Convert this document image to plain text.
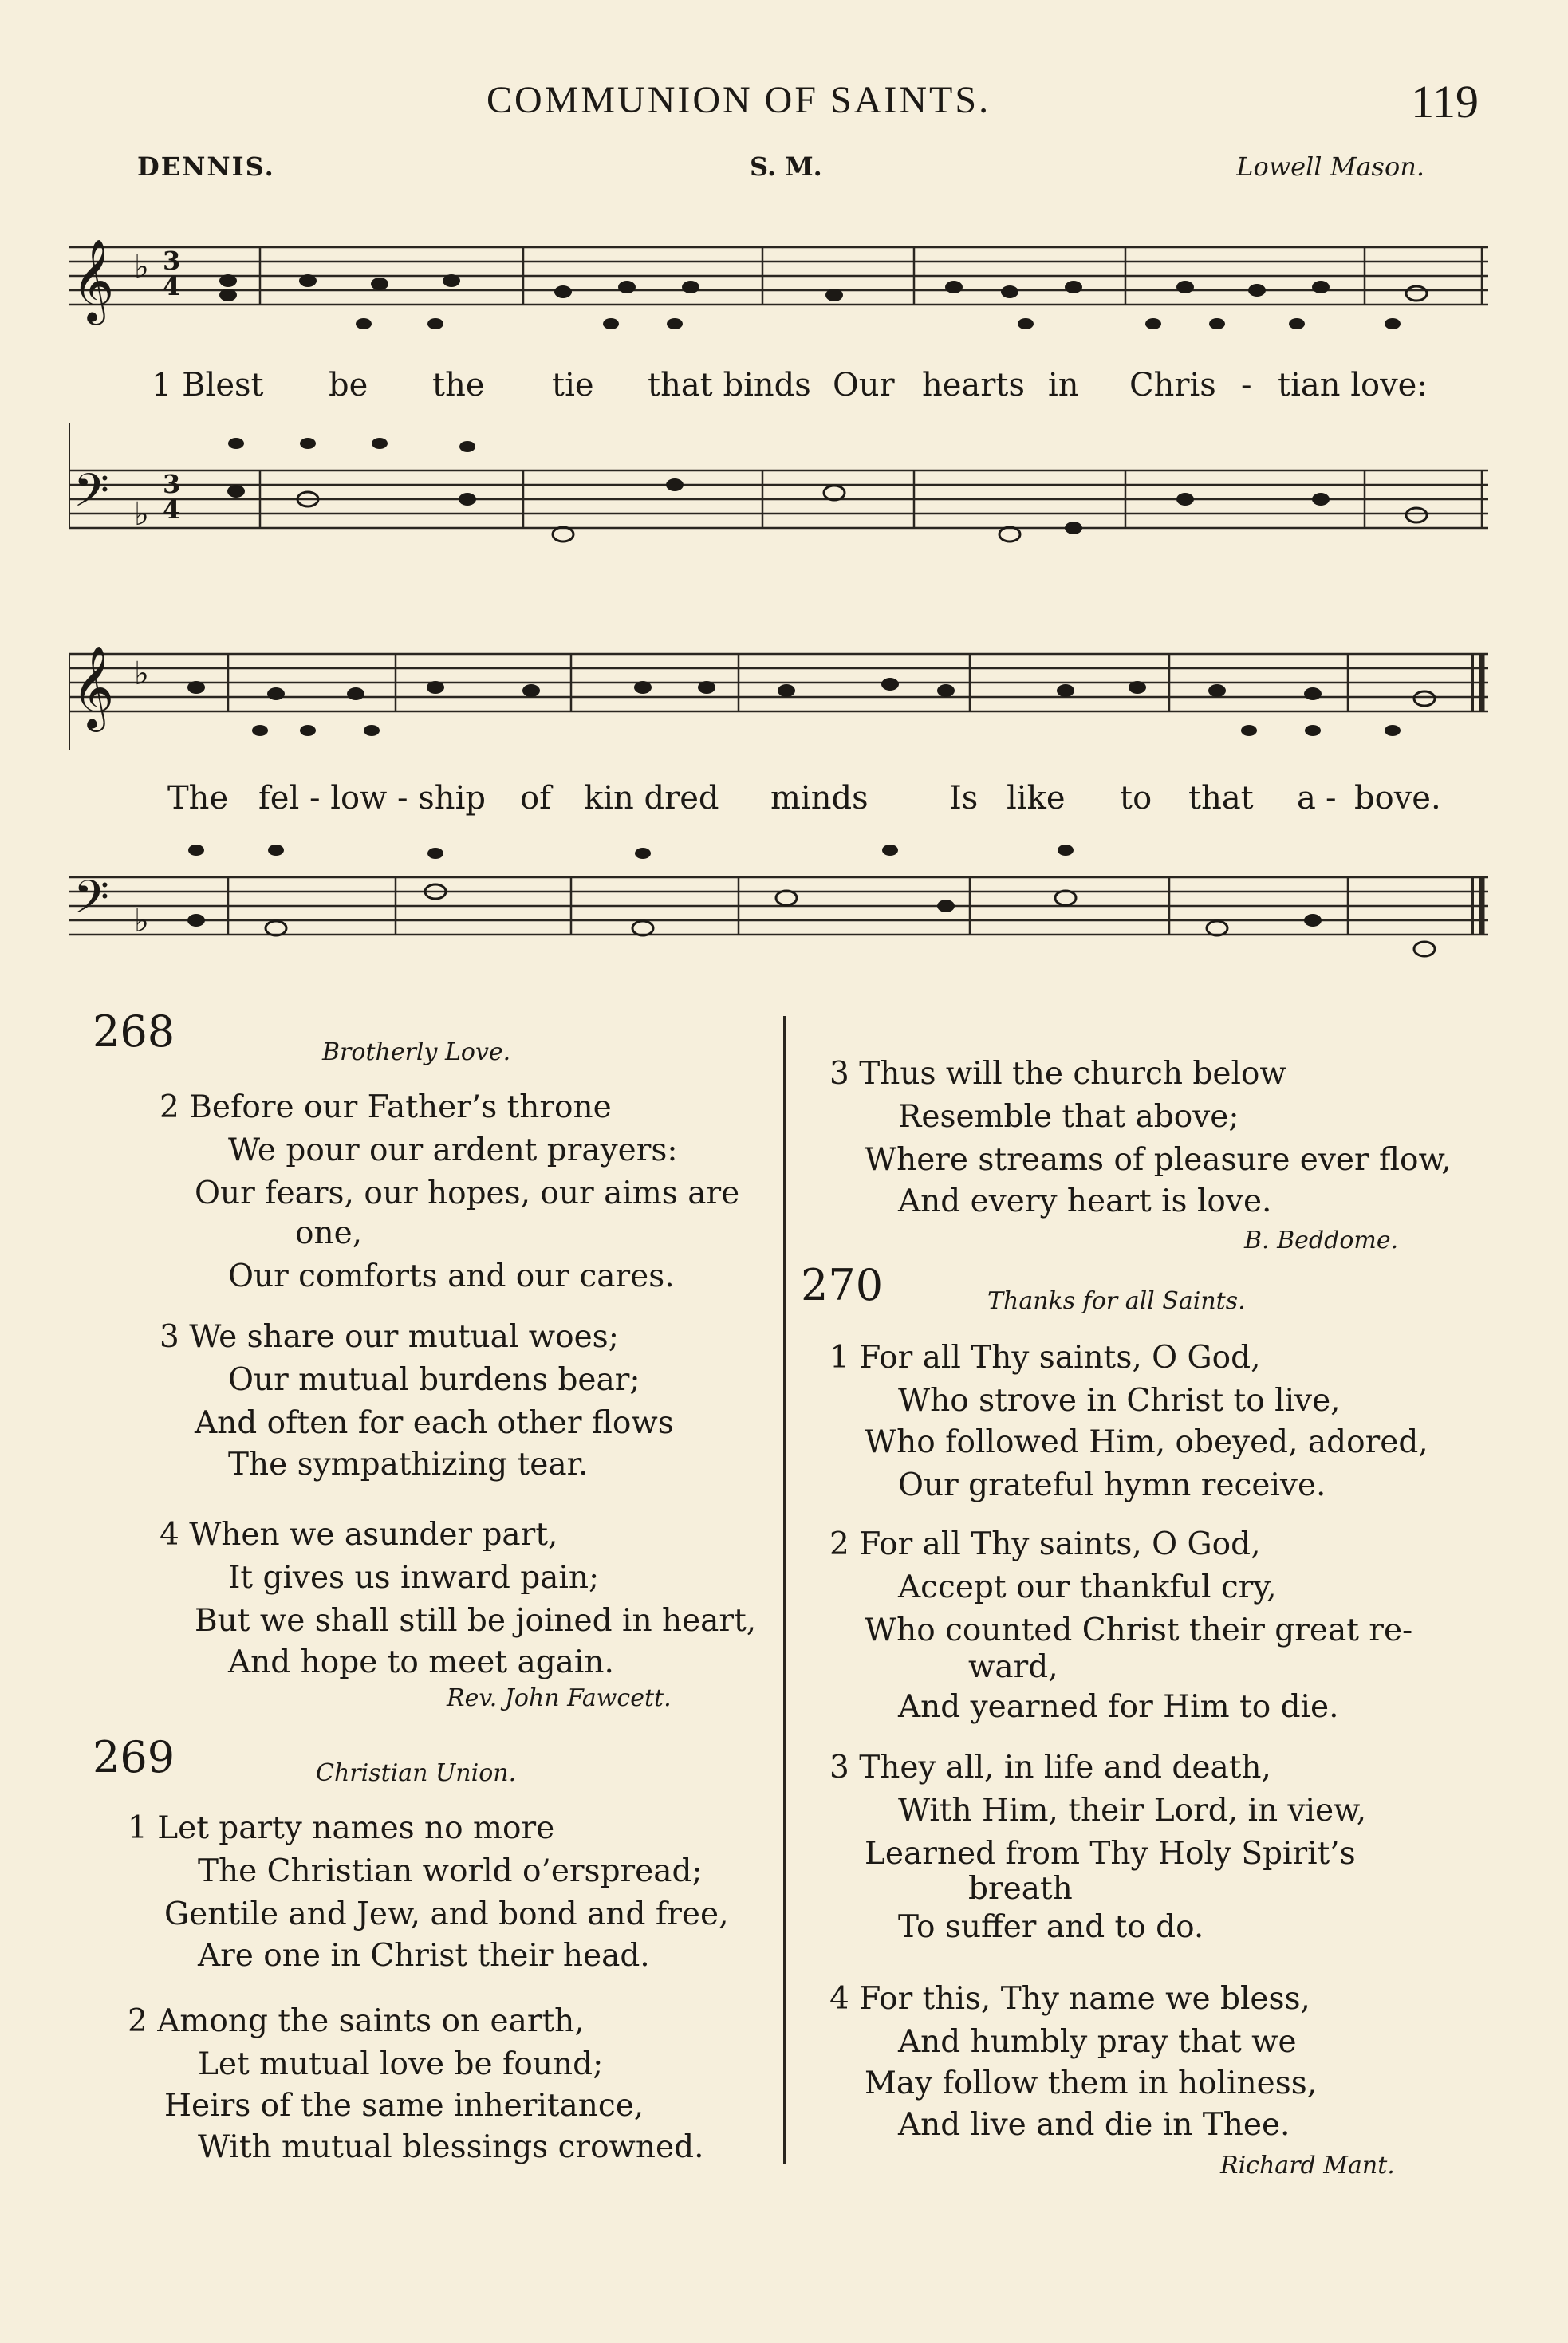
COMMUNION OF SAINTS.	119
DENNIS.	S. M.	Lowell Mason.
𝄞 ♭ 3
4
1 Blest be the tie that binds Our hearts in Chris - tian love:
𝄢 ♭
3
4
𝄞 ♭
The fel - low - ship of kin dred minds	Is like to that a - bove.
𝄢 ♭
268	Brotherly Love.
2 Before our Father’s throne
We pour our ardent prayers:
Our fears, our hopes, our aims are
one,
Our comforts and our cares.
3 We share our mutual woes;
Our mutual burdens bear;
And often for each other flows
The sympathizing tear.
4 When we asunder part,
It gives us inward pain;
But we shall still be joined in heart,
And hope to meet again.
Rev. John Fawcett.
269	Christian Union.
1 Let party names no more
The Christian world o’erspread;
Gentile and Jew, and bond and free,
Are one in Christ their head.
2 Among the saints on earth,
Let mutual love be found;
Heirs of the same inheritance,
With mutual blessings crowned.
3 Thus will the church below
Resemble that above;
Where streams of pleasure ever flow,
And every heart is love.
B. Beddome.
270	Thanks for all Saints.
1 For all Thy saints, O God,
Who strove in Christ to live,
Who followed Him, obeyed, adored,
Our grateful hymn receive.
2 For all Thy saints, O God,
Accept our thankful cry,
Who counted Christ their great re-
ward,
And yearned for Him to die.
3 They all, in life and death,
With Him, their Lord, in view,
Learned from Thy Holy Spirit’s
breath
To suffer and to do.
4 For this, Thy name we bless,
And humbly pray that we
May follow them in holiness,
And live and die in Thee.
Richard Mant.
